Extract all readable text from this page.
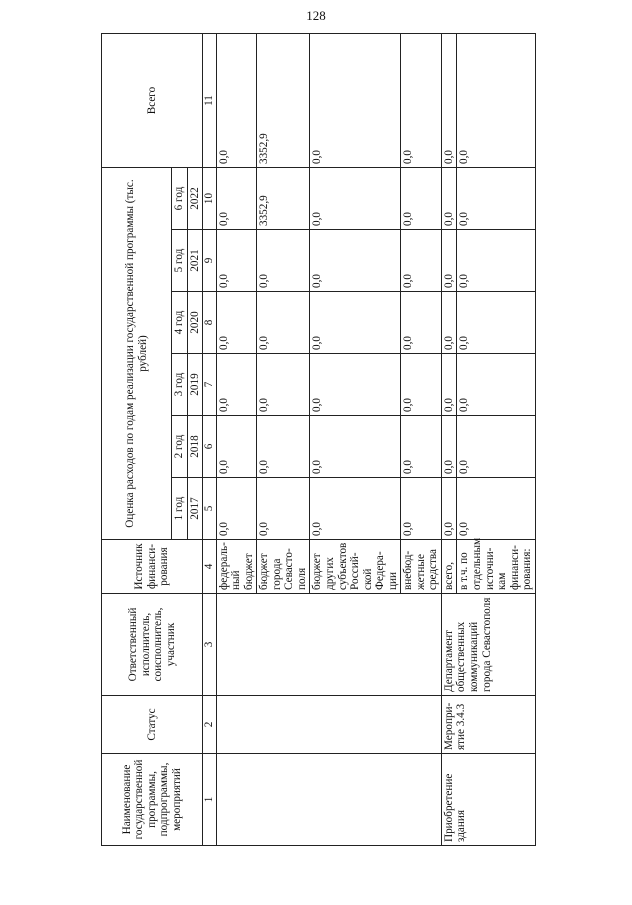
128
Наименование государственной программы, подпрограммы, мероприятий	Статус	Ответственный исполнитель, соисполнитель, участник	Источник финанси-рования	Оценка расходов по годам реализации государственной программы (тыс. рублей)						Всего
				1 год	2 год	3 год	4 год	5 год	6 год	
				2017	2018	2019	2020	2021	2022	
1	2	3	4	5	6	7	8	9	10	11
			федераль-ный бюджет	0,0	0,0	0,0	0,0	0,0	0,0	0,0
			бюджет города Севасто-поля	0,0	0,0	0,0	0,0	0,0	3352,9	3352,9
			бюджет других субъектов Россий-ской Федера-ции	0,0	0,0	0,0	0,0	0,0	0,0	0,0
			внебюд-жетные средства	0,0	0,0	0,0	0,0	0,0	0,0	0,0
Приобретение здания	Меропри-ятие 3.4.3	Департамент общественных коммуникаций города Севастополя	всего,	0,0	0,0	0,0	0,0	0,0	0,0	0,0
			в т.ч. по отдельным источни-кам финанси-рования:	0,0	0,0	0,0	0,0	0,0	0,0	0,0
